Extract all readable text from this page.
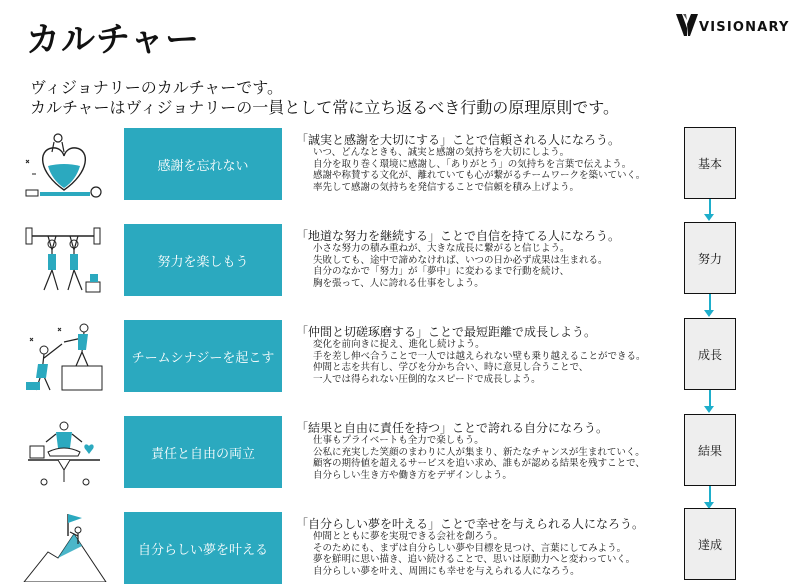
カルチャー	VISIONARY
ヴィジョナリーのカルチャーです。
カルチャーはヴィジョナリーの一員として常に立ち返るべき行動の原理原則です。
感謝を忘れない
「誠実と感謝を大切にする」ことで信頼される人になろう。
いつ、どんなときも、誠実と感謝の気持ちを大切にしよう。
自分を取り巻く環境に感謝し、「ありがとう」の気持ちを言葉で伝えよう。
感謝や称賛する文化が、離れていても心が繋がるチームワークを築いていく。
率先して感謝の気持ちを発信することで信頼を積み上げよう。
基本
努力を楽しもう
「地道な努力を継続する」ことで自信を持てる人になろう。
小さな努力の積み重ねが、大きな成長に繋がると信じよう。
失敗しても、途中で諦めなければ、いつの日か必ず成果は生まれる。
自分のなかで「努力」が「夢中」に変わるまで行動を続け、
胸を張って、人に誇れる仕事をしよう。
努力
チームシナジーを起こす
「仲間と切磋琢磨する」ことで最短距離で成長しよう。
変化を前向きに捉え、進化し続けよう。
手を差し伸べ合うことで一人では越えられない壁も乗り越えることができる。
仲間と志を共有し、学びを分かち合い、時に意見し合うことで、
一人では得られない圧倒的なスピードで成長しよう。
成長
責任と自由の両立
「結果と自由に責任を持つ」ことで誇れる自分になろう。
仕事もプライベートも全力で楽しもう。
公私に充実した笑顔のまわりに人が集まり、新たなチャンスが生まれていく。
顧客の期待値を超えるサービスを追い求め、誰もが認める結果を残すことで、
自分らしい生き方や働き方をデザインしよう。
結果
自分らしい夢を叶える
「自分らしい夢を叶える」ことで幸せを与えられる人になろう。
仲間とともに夢を実現できる会社を創ろう。
そのためにも、まずは自分らしい夢や目標を見つけ、言葉にしてみよう。
夢を鮮明に思い描き、追い続けることで、思いは原動力へと変わっていく。
自分らしい夢を叶え、周囲にも幸せを与えられる人になろう。
達成
